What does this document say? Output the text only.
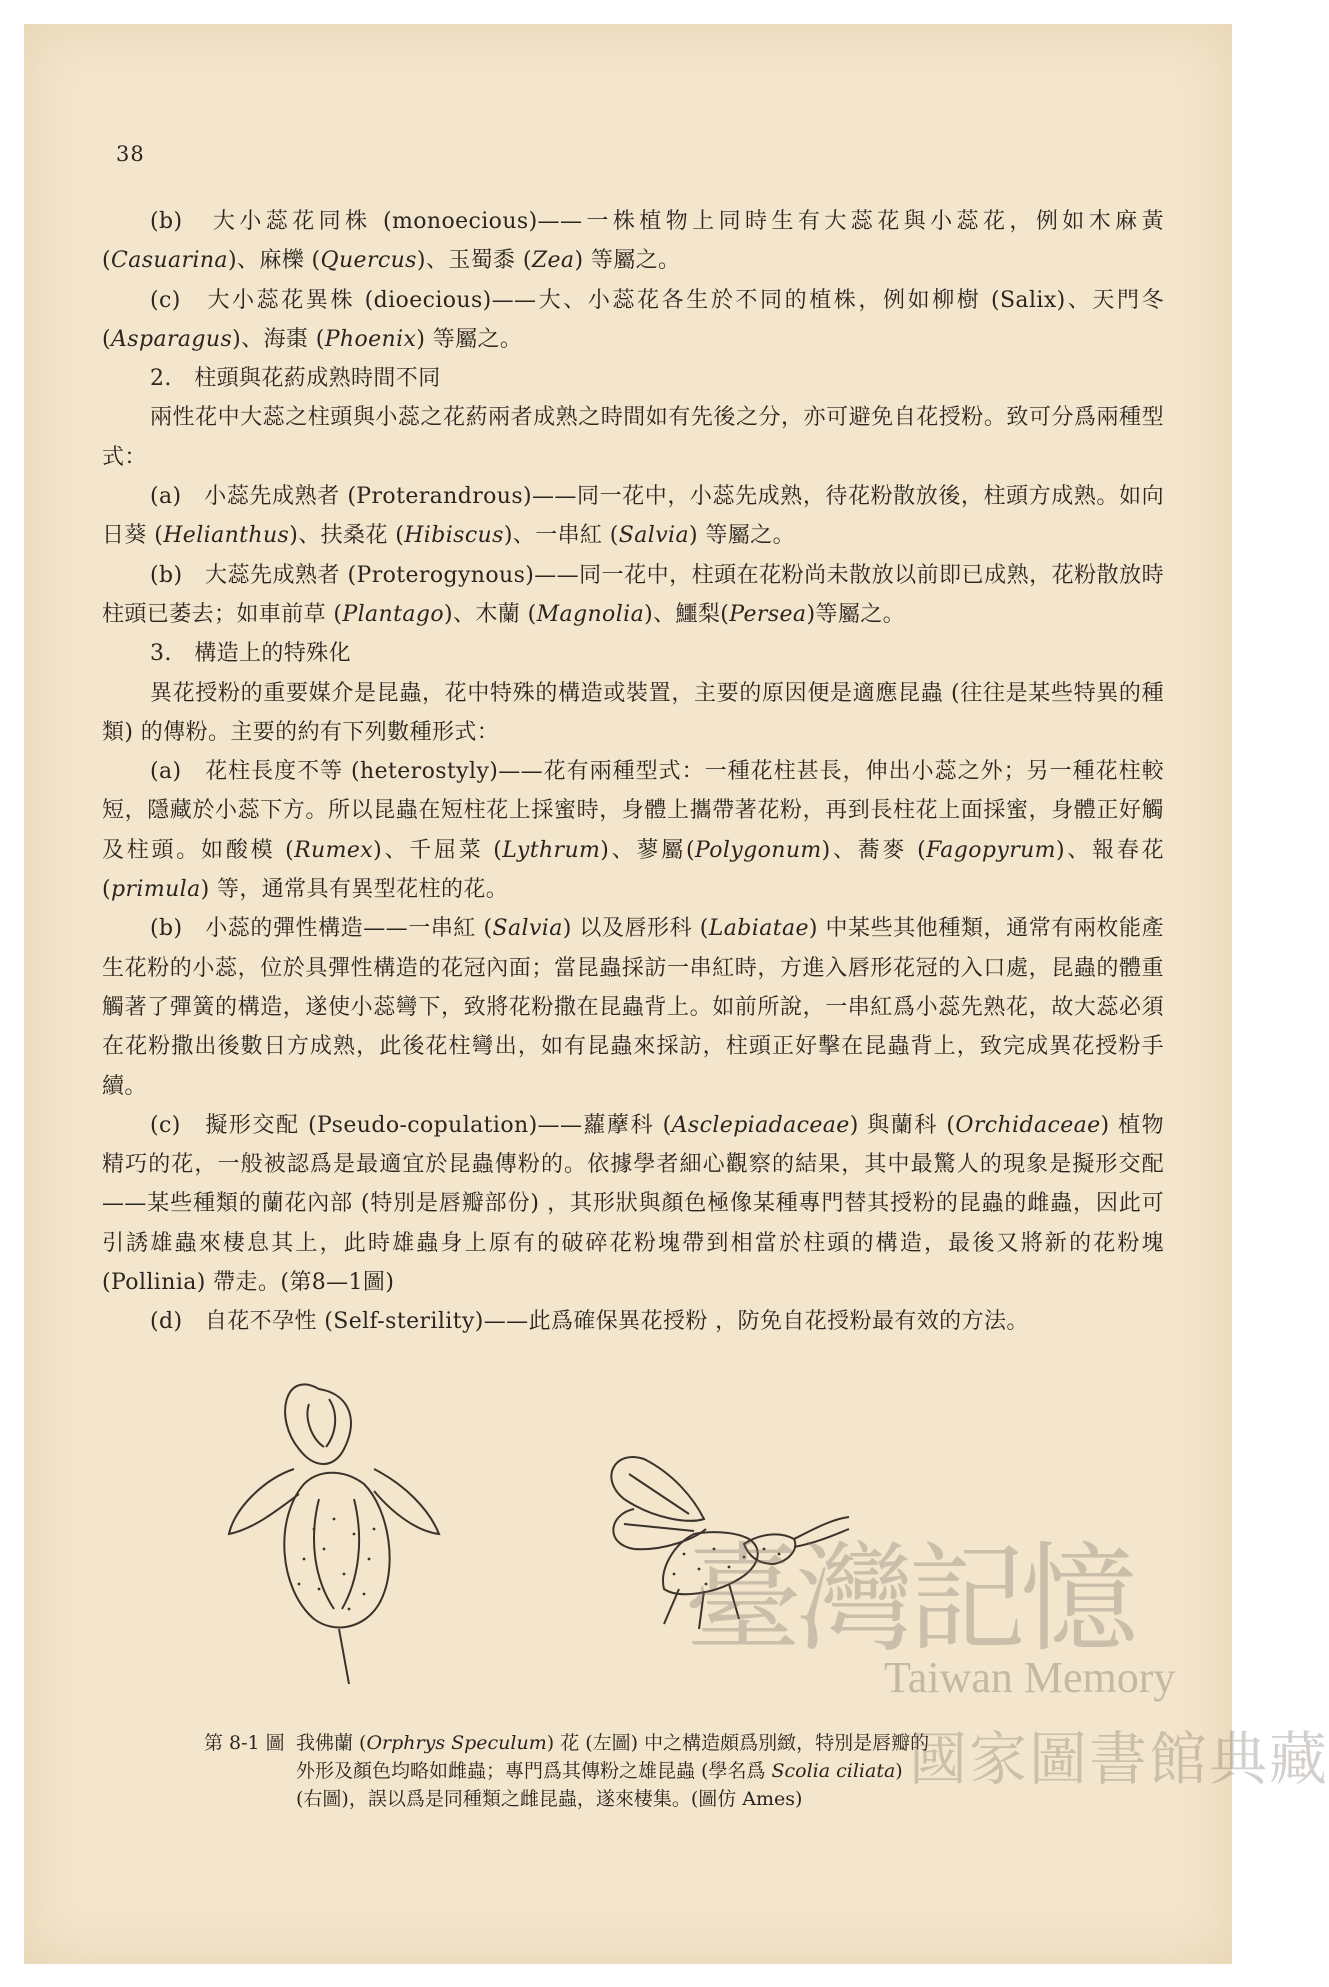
38

(b)　大小蕊花同株 (monoecious)——一株植物上同時生有大蕊花與小蕊花，例如木麻黃 (Casuarina)、麻櫟 (Quercus)、玉蜀黍 (Zea) 等屬之。

(c)　大小蕊花異株 (dioecious)——大、小蕊花各生於不同的植株，例如柳樹 (Salix)、天門冬 (Asparagus)、海棗 (Phoenix) 等屬之。

2.　柱頭與花葯成熟時間不同

兩性花中大蕊之柱頭與小蕊之花葯兩者成熟之時間如有先後之分，亦可避免自花授粉。致可分爲兩種型式：

(a)　小蕊先成熟者 (Proterandrous)——同一花中，小蕊先成熟，待花粉散放後，柱頭方成熟。如向日葵 (Helianthus)、扶桑花 (Hibiscus)、一串紅 (Salvia) 等屬之。

(b)　大蕊先成熟者 (Proterogynous)——同一花中，柱頭在花粉尚未散放以前即已成熟，花粉散放時柱頭已萎去；如車前草 (Plantago)、木蘭 (Magnolia)、鱷梨(Persea)等屬之。

3.　構造上的特殊化

異花授粉的重要媒介是昆蟲，花中特殊的構造或裝置，主要的原因便是適應昆蟲 (往往是某些特異的種類) 的傳粉。主要的約有下列數種形式：

(a)　花柱長度不等 (heterostyly)——花有兩種型式：一種花柱甚長，伸出小蕊之外；另一種花柱較短，隱藏於小蕊下方。所以昆蟲在短柱花上採蜜時，身體上攜帶著花粉，再到長柱花上面採蜜，身體正好觸及柱頭。如酸模 (Rumex)、千屈菜 (Lythrum)、蓼屬(Polygonum)、蕎麥 (Fagopyrum)、報春花 (primula) 等，通常具有異型花柱的花。

(b)　小蕊的彈性構造——一串紅 (Salvia) 以及唇形科 (Labiatae) 中某些其他種類，通常有兩枚能產生花粉的小蕊，位於具彈性構造的花冠內面；當昆蟲採訪一串紅時，方進入唇形花冠的入口處，昆蟲的體重觸著了彈簧的構造，遂使小蕊彎下，致將花粉撒在昆蟲背上。如前所說，一串紅爲小蕊先熟花，故大蕊必須在花粉撒出後數日方成熟，此後花柱彎出，如有昆蟲來採訪，柱頭正好擊在昆蟲背上，致完成異花授粉手續。

(c)　擬形交配 (Pseudo-copulation)——蘿藦科 (Asclepiadaceae) 與蘭科 (Orchidaceae) 植物精巧的花，一般被認爲是最適宜於昆蟲傳粉的。依據學者細心觀察的結果，其中最驚人的現象是擬形交配——某些種類的蘭花內部 (特別是唇瓣部份) ，其形狀與顏色極像某種專門替其授粉的昆蟲的雌蟲，因此可引誘雄蟲來棲息其上，此時雄蟲身上原有的破碎花粉塊帶到相當於柱頭的構造，最後又將新的花粉塊 (Pollinia) 帶走。(第8—1圖)

(d)　自花不孕性 (Self-sterility)——此爲確保異花授粉 ，防免自花授粉最有效的方法。

第 8-1 圖 我佛蘭 (Orphrys Speculum) 花 (左圖) 中之構造頗爲別緻，特別是唇瓣的

外形及顏色均略如雌蟲；專門爲其傳粉之雄昆蟲 (學名爲 Scolia ciliata)

(右圖)，誤以爲是同種類之雌昆蟲，遂來棲集。(圖仿 Ames)

臺灣記憶
Taiwan Memory
國家圖書館典藏
